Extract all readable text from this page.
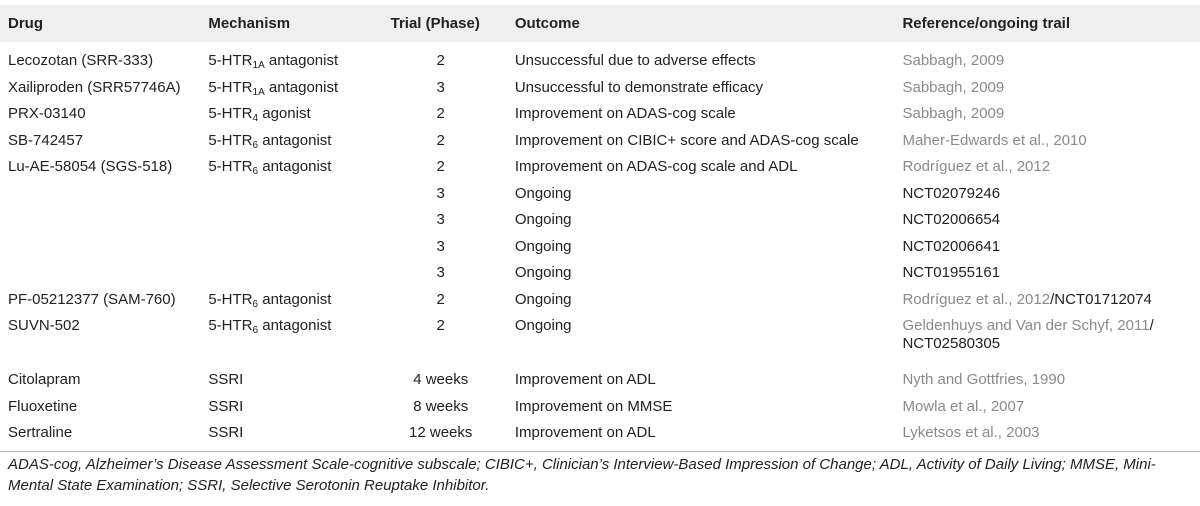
Drug	Mechanism	Trial (Phase)	Outcome	Reference/ongoing trail
Lecozotan (SRR-333)	$5-HTR_{1A}$ antagonist	2	Unsuccessful due to adverse effects	Sabbagh, 2009
Xailiproden (SRR57746A)	$5-HTR_{1A}$ antagonist	3	Unsuccessful to demonstrate efficacy	Sabbagh, 2009
PRX-03140	$5-HTR_4$ agonist	2	Improvement on ADAS-cog scale	Sabbagh, 2009
SB-742457	$5-HTR_6$ antagonist	2	Improvement on CIBIC+ score and ADAS-cog scale	Maher-Edwards et al., 2010
Lu-AE-58054 (SGS-518)	$5-HTR_6$ antagonist	2	Improvement on ADAS-cog scale and ADL	Rodríguez et al., 2012
		3	Ongoing	NCT02079246
		3	Ongoing	NCT02006654
		3	Ongoing	NCT02006641
		3	Ongoing	NCT01955161
PF-05212377 (SAM-760)	$5-HTR_6$ antagonist	2	Ongoing	Rodríguez et al., 2012/NCT01712074
SUVN-502	$5-HTR_6$ antagonist	2	Ongoing	Geldenhuys and Van der Schyf, 2011/
NCT02580305
Citolapram	SSRI	4 weeks	Improvement on ADL	Nyth and Gottfries, 1990
Fluoxetine	SSRI	8 weeks	Improvement on MMSE	Mowla et al., 2007
Sertraline	SSRI	12 weeks	Improvement on ADL	Lyketsos et al., 2003
ADAS-cog, Alzheimer’s Disease Assessment Scale-cognitive subscale; CIBIC+, Clinician’s Interview-Based Impression of Change; ADL, Activity of Daily Living; MMSE, Mini-Mental State Examination; SSRI, Selective Serotonin Reuptake Inhibitor.
